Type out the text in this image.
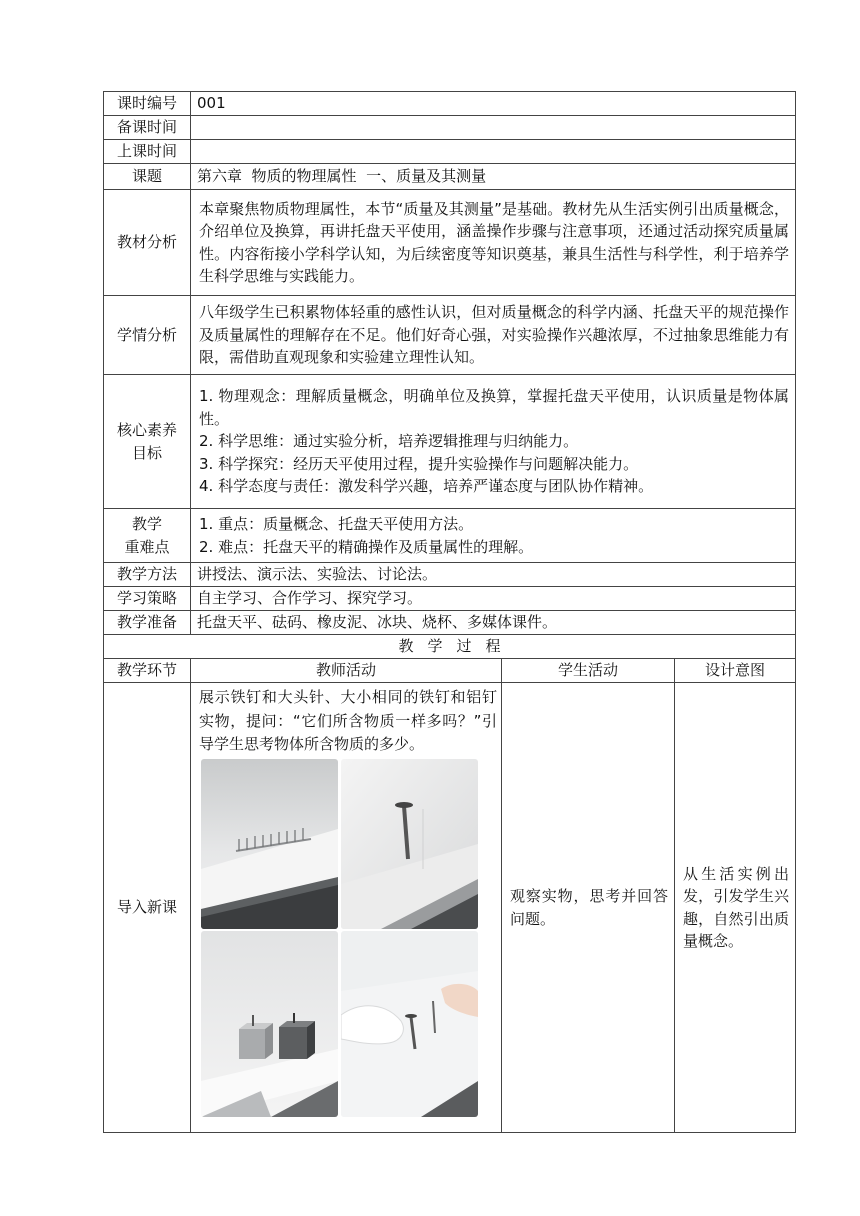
课时编号	001		
备课时间			
上课时间			
课题	第六章  物质的物理属性  一、质量及其测量		
教材分析	本章聚焦物质物理属性，本节“质量及其测量”是基础。教材先从生活实例引出质量概念，介绍单位及换算，再讲托盘天平使用，涵盖操作步骤与注意事项，还通过活动探究质量属性。内容衔接小学科学认知，为后续密度等知识奠基，兼具生活性与科学性，利于培养学生科学思维与实践能力。		
学情分析	八年级学生已积累物体轻重的感性认识，但对质量概念的科学内涵、托盘天平的规范操作及质量属性的理解存在不足。他们好奇心强，对实验操作兴趣浓厚，不过抽象思维能力有限，需借助直观现象和实验建立理性认知。		

核心素养
目标	1. 物理观念：理解质量概念，明确单位及换算，掌握托盘天平使用，认识质量是物体属性。
2. 科学思维：通过实验分析，培养逻辑推理与归纳能力。
3. 科学探究：经历天平使用过程，提升实验操作与问题解决能力。
4. 科学态度与责任：激发科学兴趣，培养严谨态度与团队协作精神。		

教学
重难点	1. 重点：质量概念、托盘天平使用方法。
2. 难点：托盘天平的精确操作及质量属性的理解。		

教学方法	讲授法、演示法、实验法、讨论法。		
学习策略	自主学习、合作学习、探究学习。		
教学准备	托盘天平、砝码、橡皮泥、冰块、烧杯、多媒体课件。		
教学过程			
教学环节	教师活动	学生活动	设计意图
导入新课	展示铁钉和大头针、大小相同的铁钉和铝钉实物，提问：“它们所含物质一样多吗？”引导学生思考物体所含物质的多少。	观察实物，思考并回答问题。	从生活实例出发，引发学生兴趣，自然引出质量概念。
